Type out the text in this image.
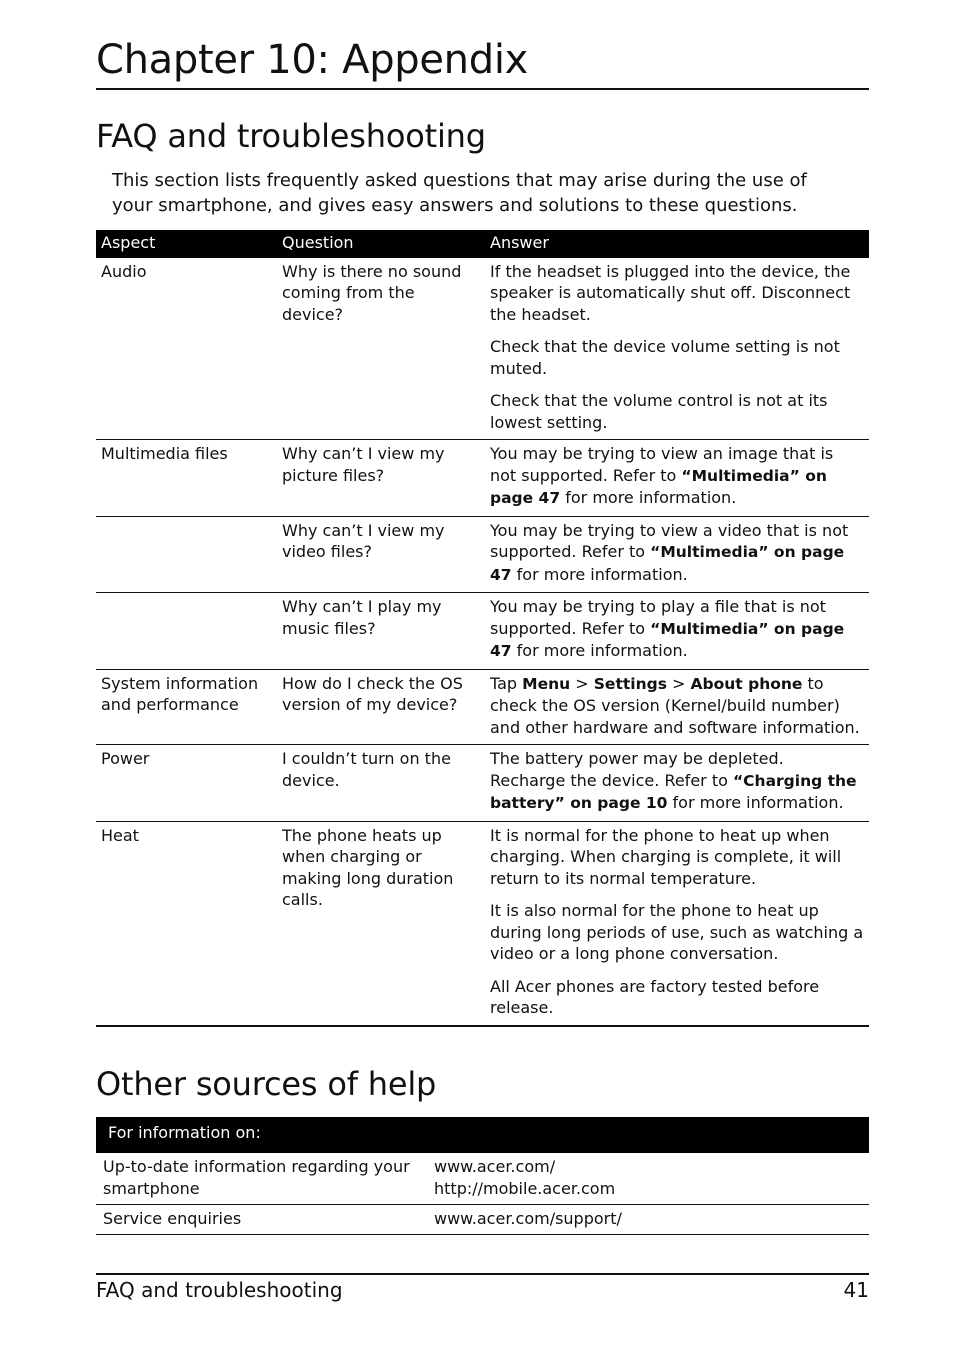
Chapter 10: Appendix
FAQ and troubleshooting

This section lists frequently asked questions that may arise during the use of your smartphone, and gives easy answers and solutions to these questions.

Aspect	Question	Answer
Audio	Why is there no sound coming from the device?	If the headset is plugged into the device, the speaker is automatically shut off. Disconnect the headset.
		Check that the device volume setting is not muted.
		Check that the volume control is not at its lowest setting.
Multimedia files	Why can’t I view my picture files?	You may be trying to view an image that is not supported. Refer to “Multimedia” on page 47 for more information.
	Why can’t I view my video files?	You may be trying to view a video that is not supported. Refer to “Multimedia” on page 47 for more information.
	Why can’t I play my music files?	You may be trying to play a file that is not supported. Refer to “Multimedia” on page 47 for more information.
System information and performance	How do I check the OS version of my device?	Tap Menu > Settings > About phone to check the OS version (Kernel/build number) and other hardware and software information.
Power	I couldn’t turn on the device.	The battery power may be depleted. Recharge the device. Refer to “Charging the battery” on page 10 for more information.
Heat	The phone heats up when charging or making long duration calls.	It is normal for the phone to heat up when charging. When charging is complete, it will return to its normal temperature.
		It is also normal for the phone to heat up during long periods of use, such as watching a video or a long phone conversation.
		All Acer phones are factory tested before release.
Other sources of help
For information on:	
Up-to-date information regarding your smartphone	www.acer.com/
http://mobile.acer.com

Service enquiries	www.acer.com/support/
FAQ and troubleshooting	41
